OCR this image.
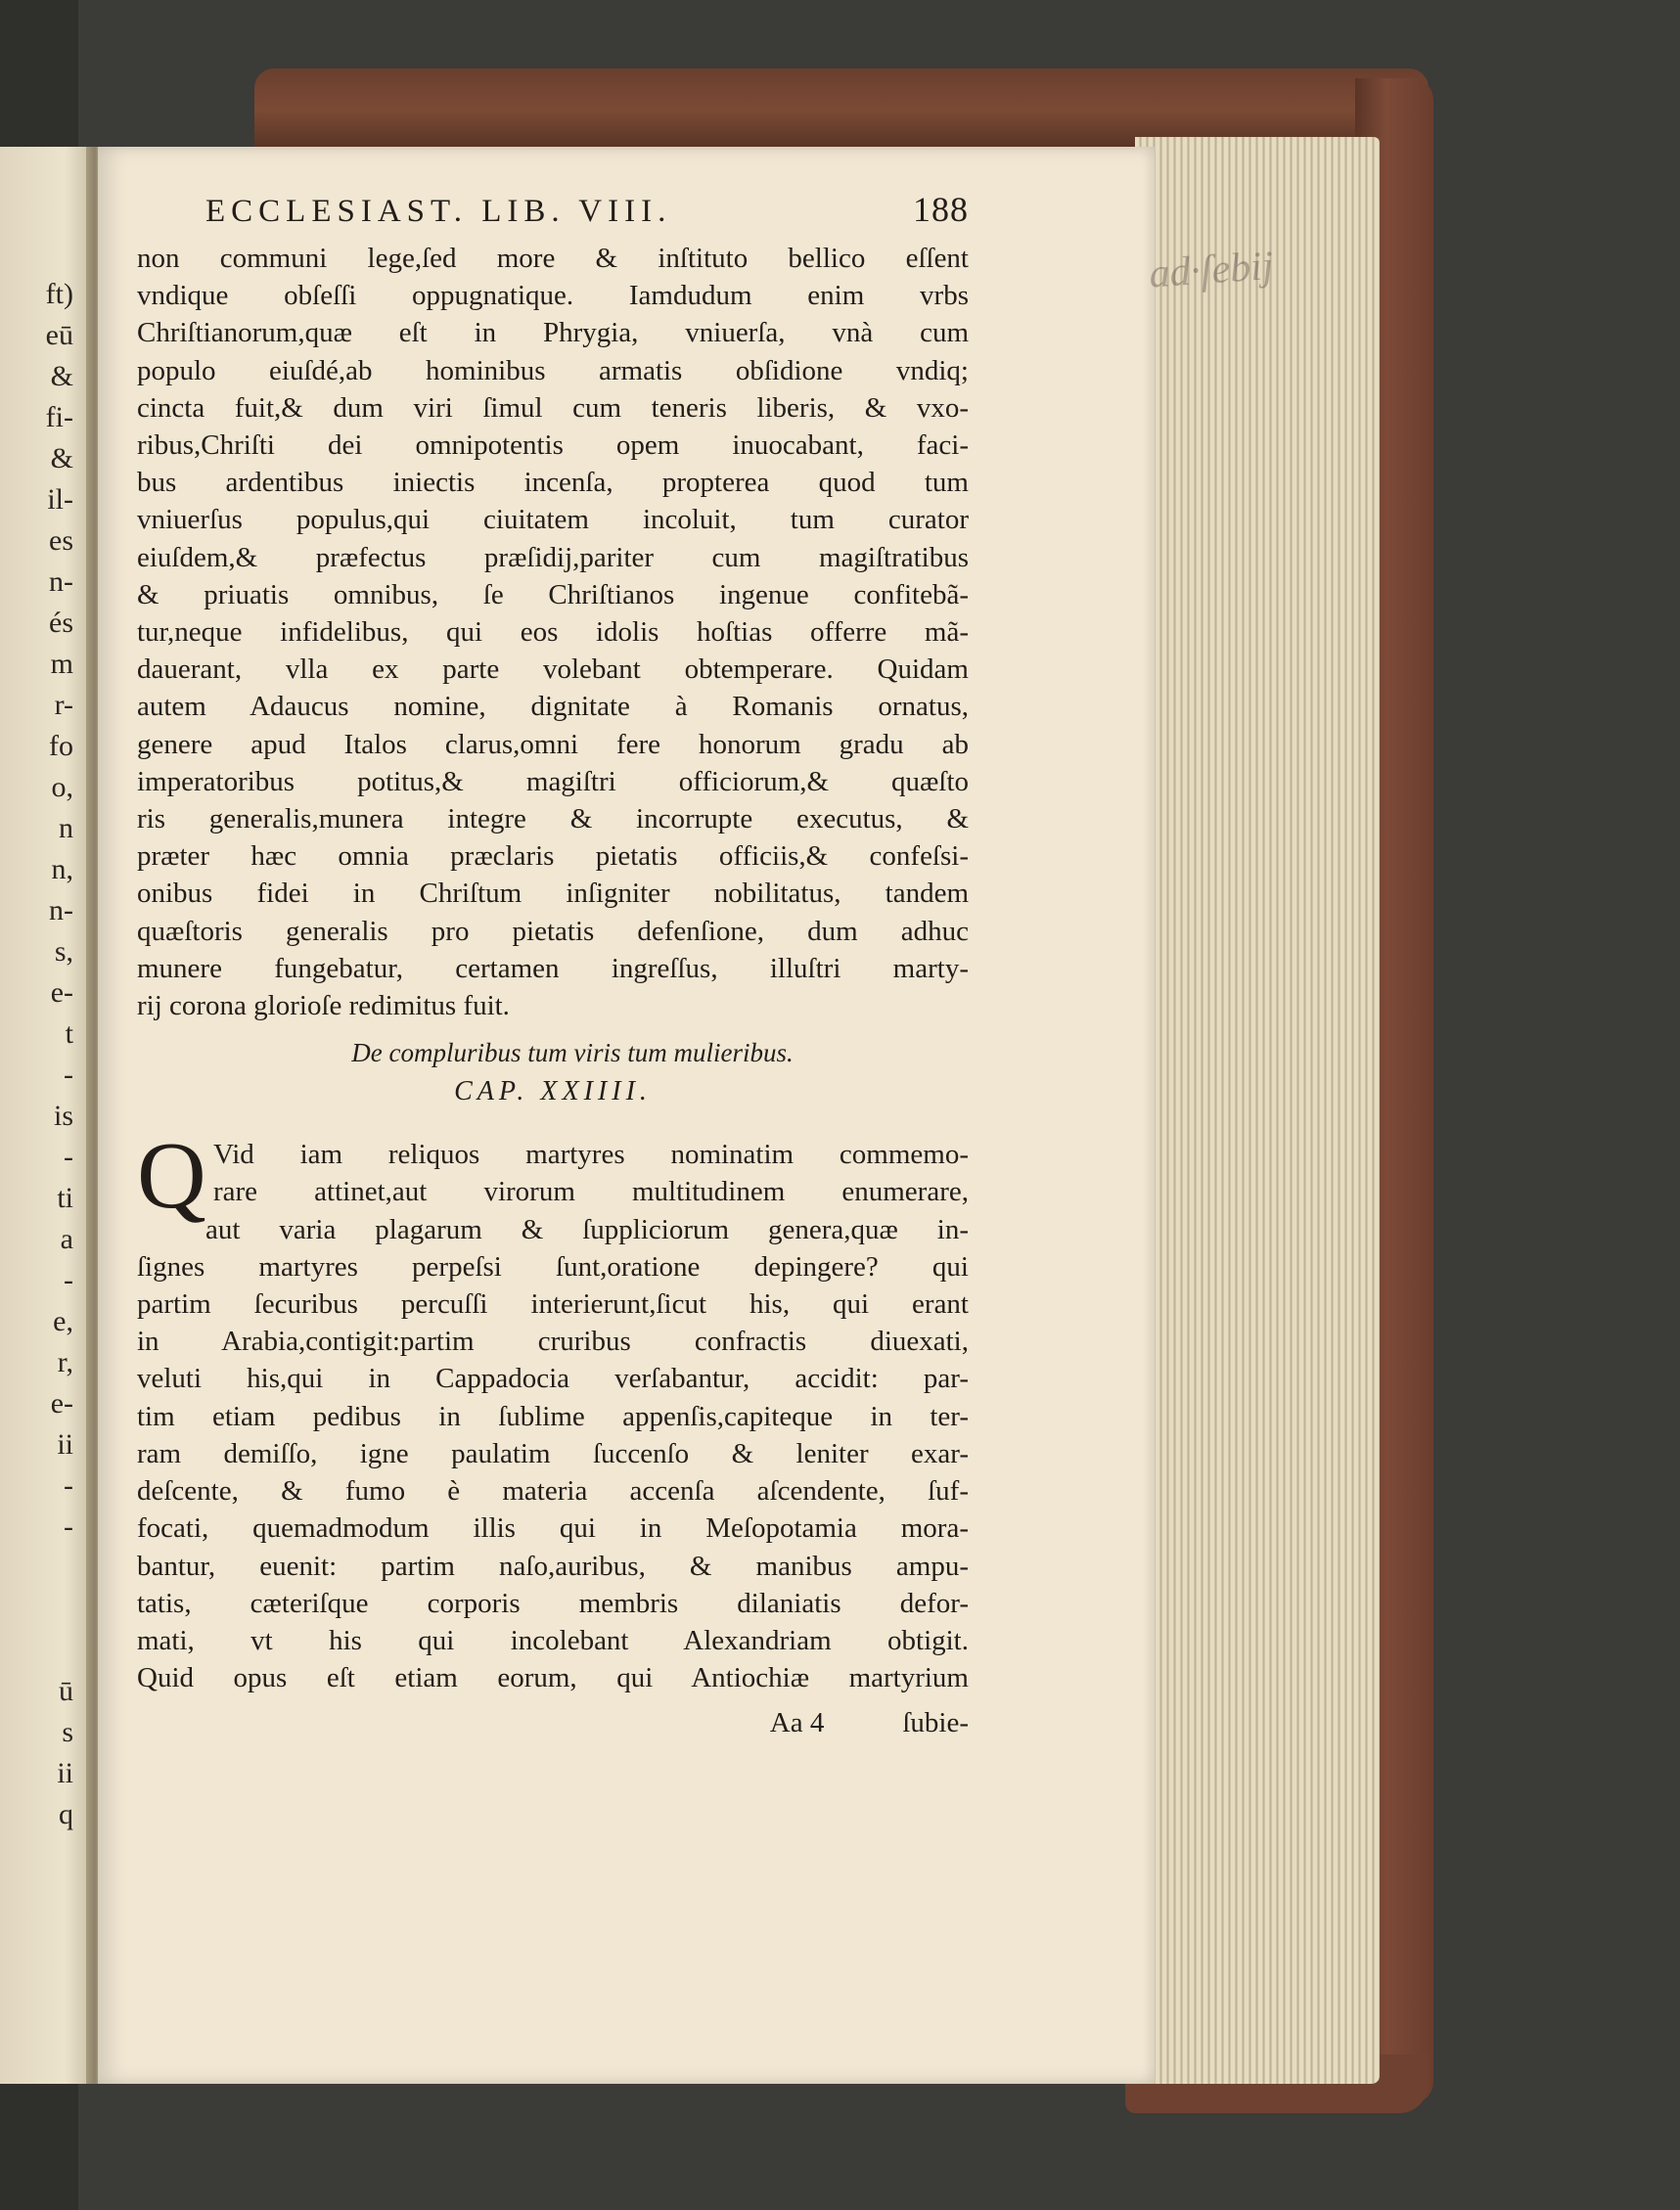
ft)
eū
&
fi-
&
il-
es
n-
és
m
r-
fo
o,
n
n,
n-
s,
e-
t
-
is
-
ti
a
-
e,
r,
e-
ii
-
-

ū
s
ii
q
ad∙ſebij
ECCLESIAST. LIB. VIII.	188
non communi lege,ſed more & inſtituto bellico eſſent
vndique obſeſſi oppugnatique. Iamdudum enim vrbs
Chriſtianorum,quæ eſt in Phrygia, vniuerſa, vnà cum
populo eiuſdé,ab hominibus armatis obſidione vndiq;
cincta fuit,& dum viri ſimul cum teneris liberis, & vxo-
ribus,Chriſti dei omnipotentis opem inuocabant, faci-
bus ardentibus iniectis incenſa, propterea quod tum
vniuerſus populus,qui ciuitatem incoluit, tum curator
eiuſdem,& præfectus præſidij,pariter cum magiſtratibus
& priuatis omnibus, ſe Chriſtianos ingenue confitebã-
tur,neque infidelibus, qui eos idolis hoſtias offerre mã-
dauerant, vlla ex parte volebant obtemperare. Quidam
autem Adaucus nomine, dignitate à Romanis ornatus,
genere apud Italos clarus,omni fere honorum gradu ab
imperatoribus potitus,& magiſtri officiorum,& quæſto
ris generalis,munera integre & incorrupte executus, &
præter hæc omnia præclaris pietatis officiis,& confeſsi-
onibus fidei in Chriſtum inſigniter nobilitatus, tandem
quæſtoris generalis pro pietatis defenſione, dum adhuc
munere fungebatur, certamen ingreſſus, illuſtri marty-
rij corona glorioſe redimitus fuit.
De compluribus tum viris tum mulieribus.
CAP. XXIIII.
Q Vid iam reliquos martyres nominatim commemo-
rare attinet,aut virorum multitudinem enumerare,
aut varia plagarum & ſuppliciorum genera,quæ in-
ſignes martyres perpeſsi ſunt,oratione depingere? qui
partim ſecuribus percuſſi interierunt,ſicut his, qui erant
in Arabia,contigit:partim cruribus confractis diuexati,
veluti his,qui in Cappadocia verſabantur, accidit: par-
tim etiam pedibus in ſublime appenſis,capiteque in ter-
ram demiſſo, igne paulatim ſuccenſo & leniter exar-
deſcente, & fumo è materia accenſa aſcendente, ſuf-
focati, quemadmodum illis qui in Meſopotamia mora-
bantur, euenit: partim naſo,auribus, & manibus ampu-
tatis, cæteriſque corporis membris dilaniatis defor-
mati, vt his qui incolebant Alexandriam obtigit.
Quid opus eſt etiam eorum, qui Antiochiæ martyrium
Aa 4	ſubie-
